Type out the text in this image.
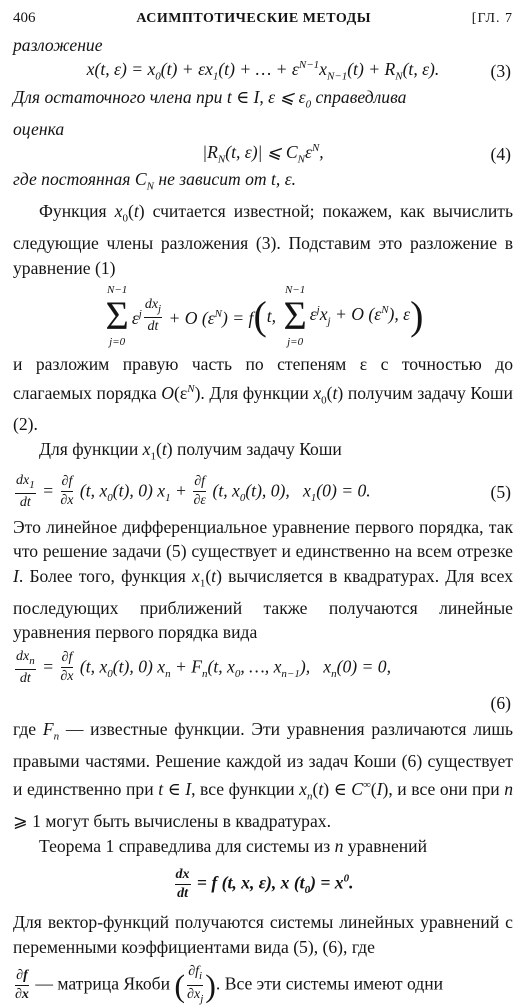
406	АСИМПТОТИЧЕСКИЕ МЕТОДЫ	[ГЛ. 7

разложение

x(t, $\varepsilon) = x_0(t) + \varepsilon x_1(t)$ + … + $\varepsilon^{N-1}x_{N-1}(t) + R_N(t$, ε).	(3)

Для остаточного члена при t ∈ I, ε ⩽ $\varepsilon_0$ справедлива

оценка

$|R_N(t$, ε)| ⩽ $C_N\varepsilon^N$,	(4)

где постоянная $C_N$ не зависит от t, ε.

Функция $x_0(t)$ считается известной; покажем, как вычислить следующие члены разложения (3). Подставим это разложение в уравнение (1)

N−1
Σ
j=0
$\varepsilon^j \frac{dx_j}{dt} + O$ $(\varepsilon^N) = f$ ( t,
N−1
Σ
j=0
$\varepsilon^jx_j + O$ $(\varepsilon^N)$, ε )

и разложим правую часть по степеням ε с точностью до слагаемых порядка $O(\varepsilon^N)$. Для функции $x_0(t)$ получим задачу Коши (2).

Для функции $x_1(t)$ получим задачу Коши

$\frac{dx_1}{dt} = \frac{\partial f}{\partial x} (t$, $x_0(t)$, 0) $x_1 + \frac{\partial f}{\partial\varepsilon} (t$, $x_0(t)$, 0),   $x_1(0) = 0$.	(5)

Это линейное дифференциальное уравнение первого порядка, так что решение задачи (5) существует и единственно на всем отрезке I. Более того, функция $x_1(t)$ вычисляется в квадратурах. Для всех последующих приближений также получаются линейные уравнения первого порядка вида

$\frac{dx_n}{dt} = \frac{\partial f}{\partial x} (t$, $x_0(t)$, 0) $x_n + F_n(t$, $x_0$, …, $x_{n-1}$),   $x_n(0) = 0$,
(6)

где $F_n$ — известные функции. Эти уравнения различаются лишь правыми частями. Решение каждой из задач Коши (6) существует и единственно при t ∈ I, все функции $x_n(t)$ ∈ C∞(I), и все они при n ⩾ 1 могут быть вычислены в квадратурах.

Теорема 1 справедлива для системы из n уравнений

$\frac{dx}{dt} = f$ (t, x, ε), x $(t_0) = x^0$.

Для вектор-функций получаются системы линейных уравнений с переменными коэффициентами вида (5), (6), где

$\frac{\partial f}{\partial x}$ — матрица Якоби ( $\frac{\partial f_i}{\partial x_j}$ ). Все эти системы имеют одни
